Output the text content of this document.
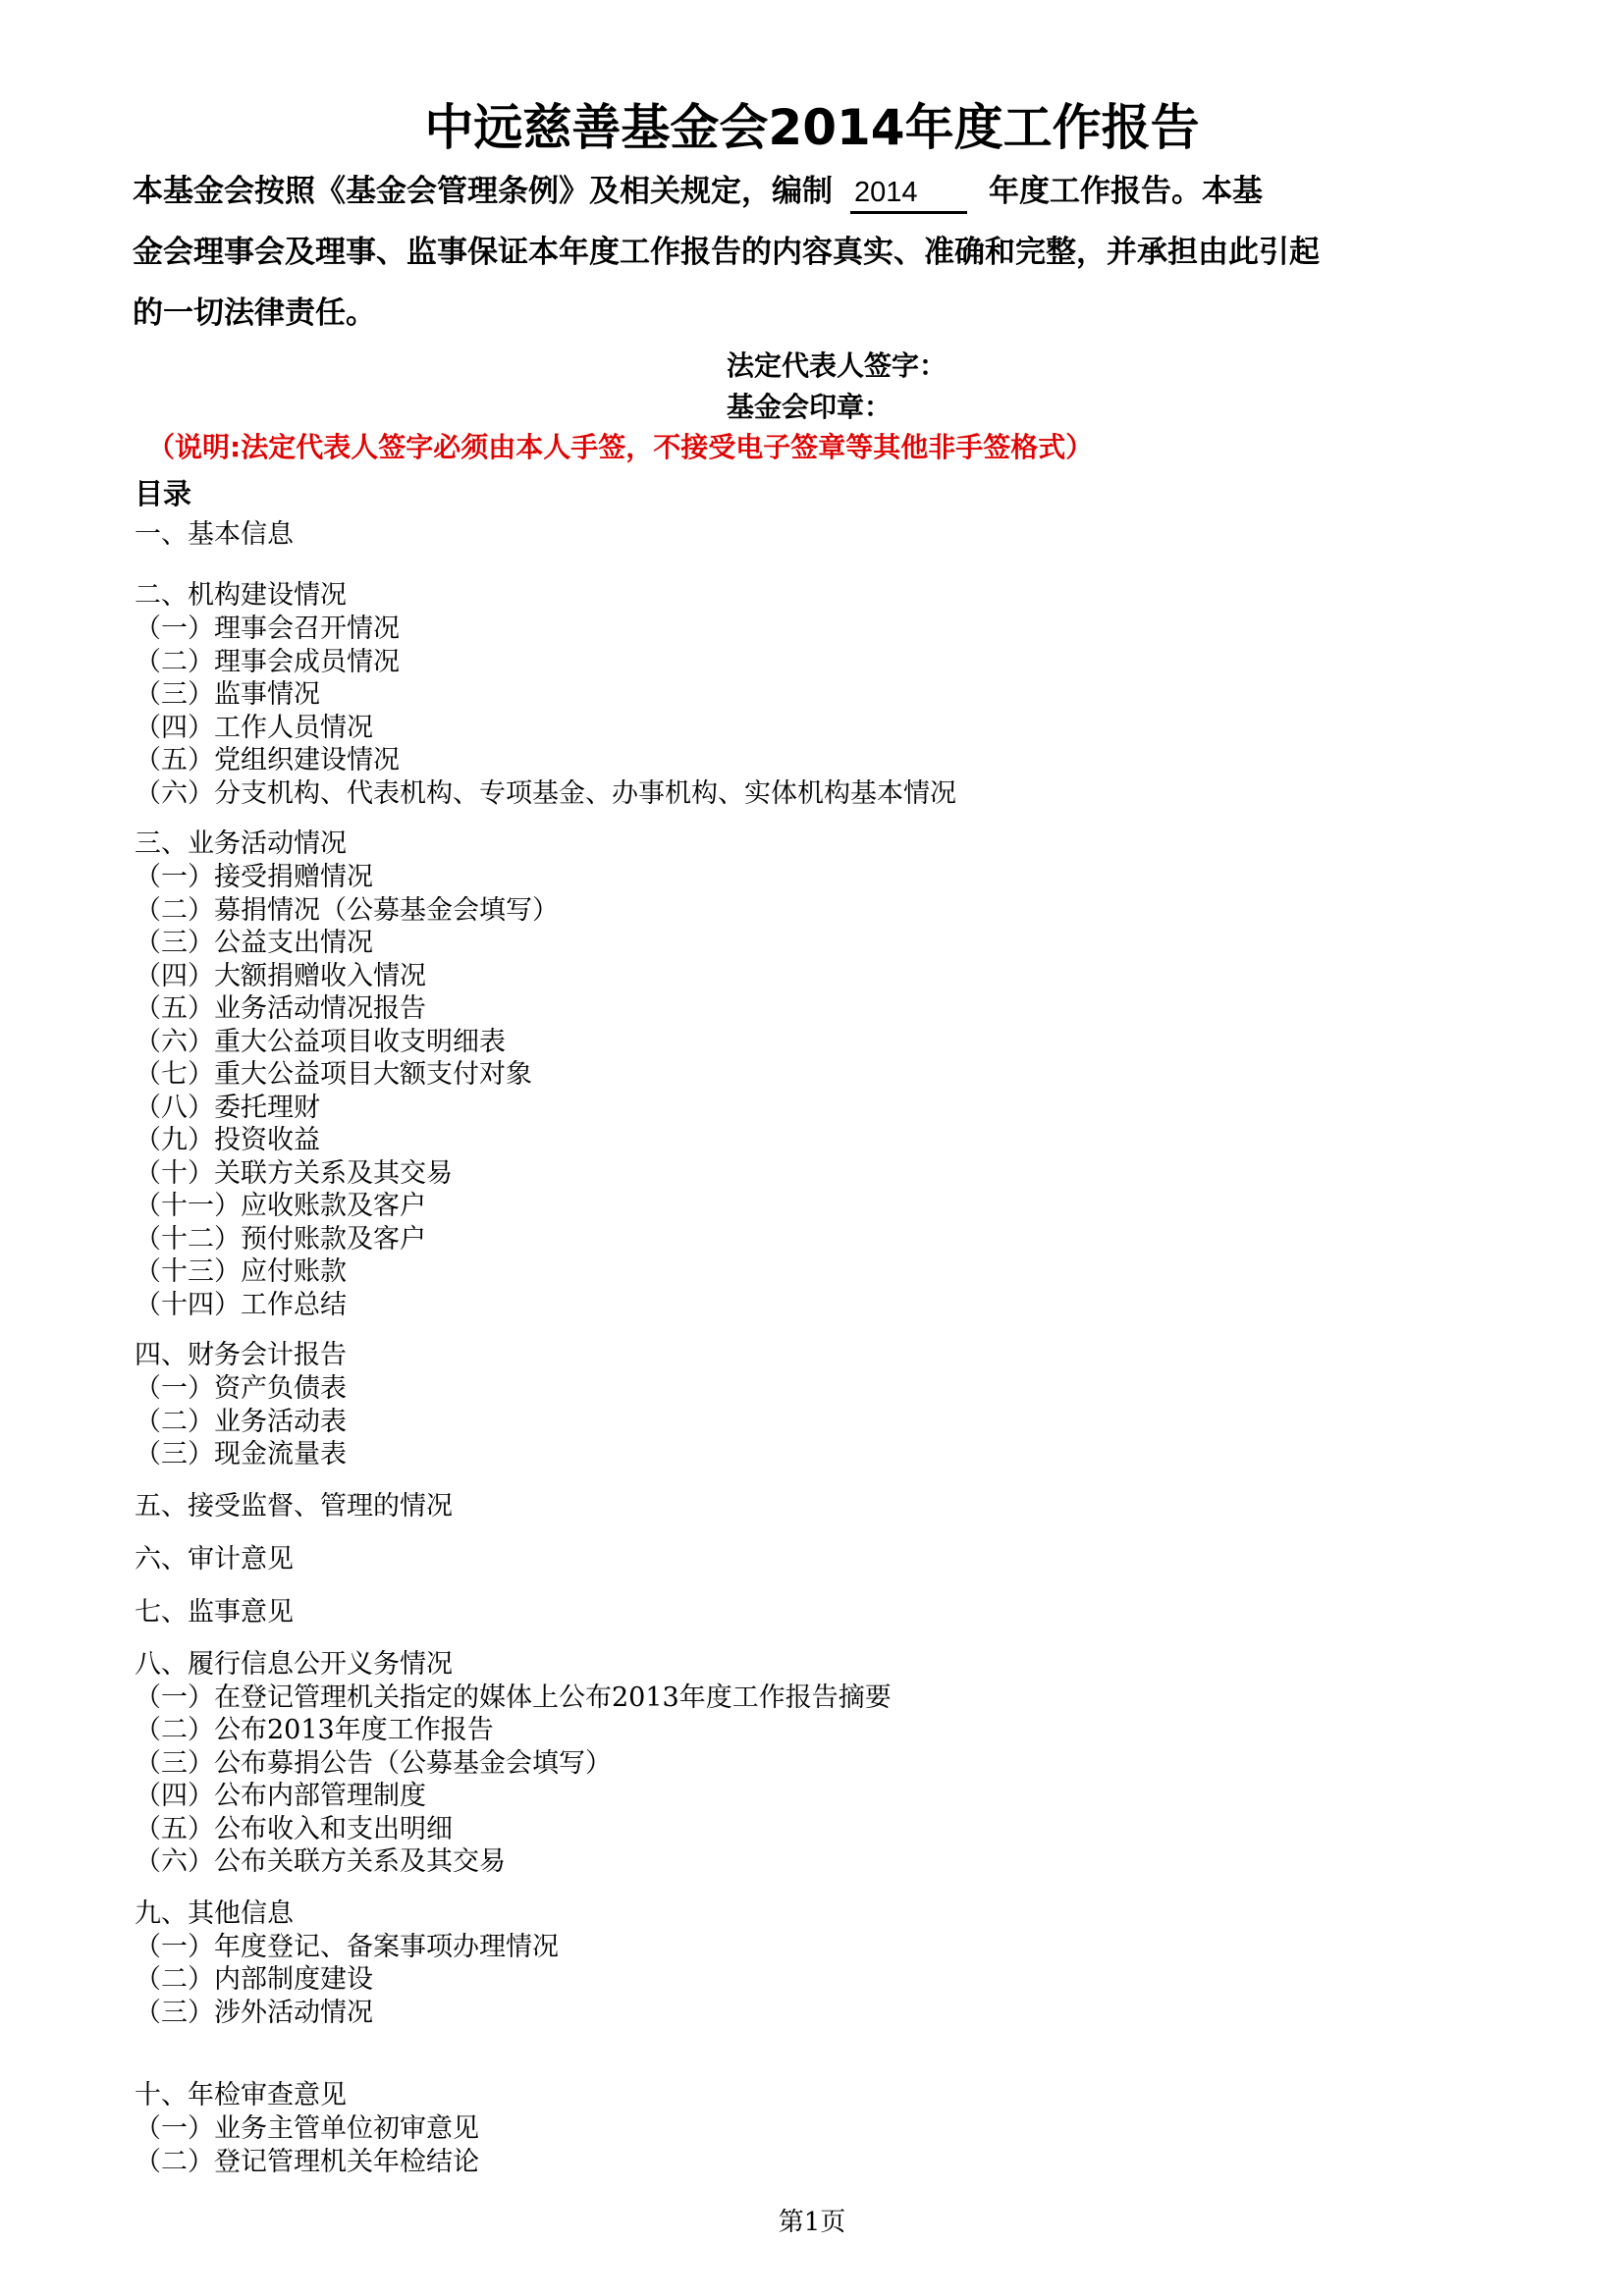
中远慈善基金会2014年度工作报告
本基金会按照《基金会管理条例》及相关规定，编制 2014 年度工作报告。本基
金会理事会及理事、监事保证本年度工作报告的内容真实、准确和完整，并承担由此引起
的一切法律责任。
法定代表人签字：
基金会印章：
（说明:法定代表人签字必须由本人手签，不接受电子签章等其他非手签格式）
目录
一、基本信息
二、机构建设情况
（一）理事会召开情况
（二）理事会成员情况
（三）监事情况
（四）工作人员情况
（五）党组织建设情况
（六）分支机构、代表机构、专项基金、办事机构、实体机构基本情况
三、业务活动情况
（一）接受捐赠情况
（二）募捐情况（公募基金会填写）
（三）公益支出情况
（四）大额捐赠收入情况
（五）业务活动情况报告
（六）重大公益项目收支明细表
（七）重大公益项目大额支付对象
（八）委托理财
（九）投资收益
（十）关联方关系及其交易
（十一）应收账款及客户
（十二）预付账款及客户
（十三）应付账款
（十四）工作总结
四、财务会计报告
（一）资产负债表
（二）业务活动表
（三）现金流量表
五、接受监督、管理的情况
六、审计意见
七、监事意见
八、履行信息公开义务情况
（一）在登记管理机关指定的媒体上公布2013年度工作报告摘要
（二）公布2013年度工作报告
（三）公布募捐公告（公募基金会填写）
（四）公布内部管理制度
（五）公布收入和支出明细
（六）公布关联方关系及其交易
九、其他信息
（一）年度登记、备案事项办理情况
（二）内部制度建设
（三）涉外活动情况
十、年检审查意见
（一）业务主管单位初审意见
（二）登记管理机关年检结论
第1页
